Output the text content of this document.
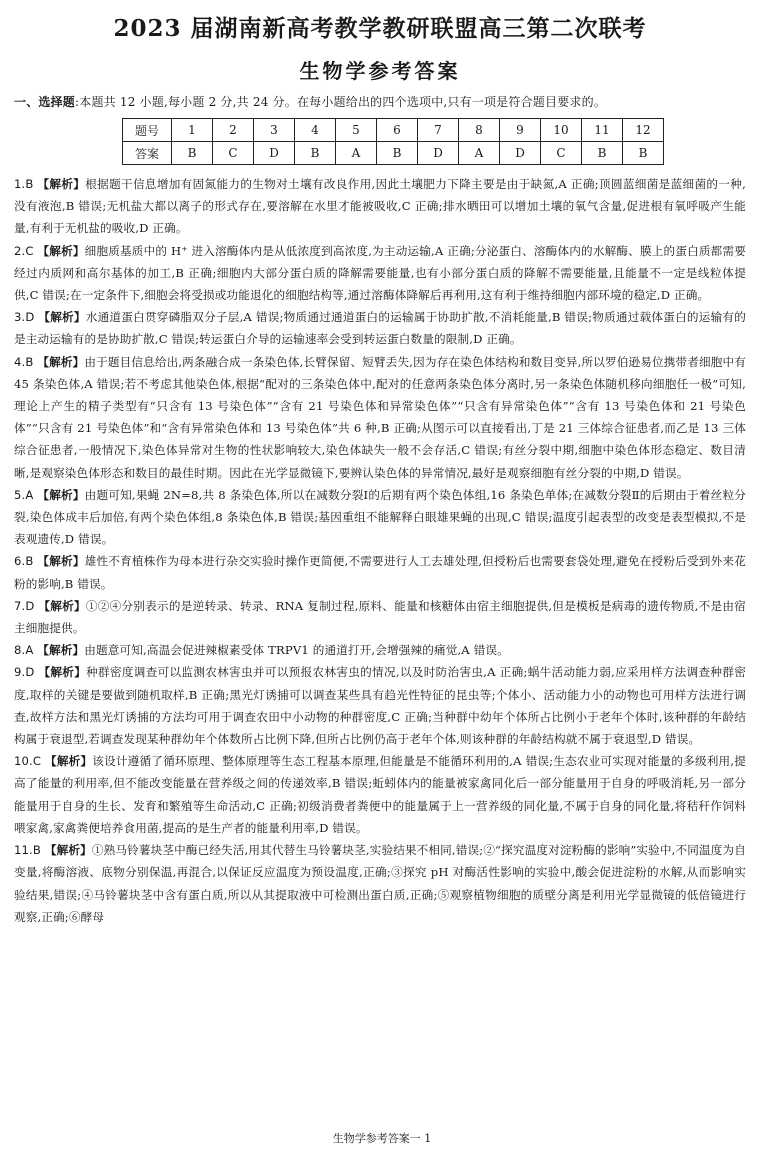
2023 届湖南新高考教学教研联盟高三第二次联考
生物学参考答案
一、选择题:本题共 12 小题,每小题 2 分,共 24 分。在每小题给出的四个选项中,只有一项是符合题目要求的。
题号	1	2	3	4	5	6	7	8	9	10	11	12
答案	B	C	D	B	A	B	D	A	D	C	B	B

1.B 【解析】根据题干信息增加有固氮能力的生物对土壤有改良作用,因此土壤肥力下降主要是由于缺氮,A 正确;顶圆蓝细菌是蓝细菌的一种,没有液泡,B 错误;无机盐大都以离子的形式存在,要溶解在水里才能被吸收,C 正确;排水晒田可以增加土壤的氧气含量,促进根有氧呼吸产生能量,有利于无机盐的吸收,D 正确。

2.C 【解析】细胞质基质中的 H⁺ 进入溶酶体内是从低浓度到高浓度,为主动运输,A 正确;分泌蛋白、溶酶体内的水解酶、膜上的蛋白质都需要经过内质网和高尔基体的加工,B 正确;细胞内大部分蛋白质的降解需要能量,也有小部分蛋白质的降解不需要能量,且能量不一定是线粒体提供,C 错误;在一定条件下,细胞会将受损或功能退化的细胞结构等,通过溶酶体降解后再利用,这有利于维持细胞内部环境的稳定,D 正确。

3.D 【解析】水通道蛋白贯穿磷脂双分子层,A 错误;物质通过通道蛋白的运输属于协助扩散,不消耗能量,B 错误;物质通过载体蛋白的运输有的是主动运输有的是协助扩散,C 错误;转运蛋白介导的运输速率会受到转运蛋白数量的限制,D 正确。

4.B 【解析】由于题目信息给出,两条融合成一条染色体,长臂保留、短臂丢失,因为存在染色体结构和数目变异,所以罗伯逊易位携带者细胞中有 45 条染色体,A 错误;若不考虑其他染色体,根据“配对的三条染色体中,配对的任意两条染色体分离时,另一条染色体随机移向细胞任一极”可知,理论上产生的精子类型有“只含有 13 号染色体”“含有 21 号染色体和异常染色体”“只含有异常染色体”“含有 13 号染色体和 21 号染色体”“只含有 21 号染色体”和“含有异常染色体和 13 号染色体”共 6 种,B 正确;从图示可以直接看出,丁是 21 三体综合征患者,而乙是 13 三体综合征患者,一般情况下,染色体异常对生物的性状影响较大,染色体缺失一般不会存活,C 错误;有丝分裂中期,细胞中染色体形态稳定、数目清晰,是观察染色体形态和数目的最佳时期。因此在光学显微镜下,要辨认染色体的异常情况,最好是观察细胞有丝分裂的中期,D 错误。

5.A 【解析】由题可知,果蝇 2N=8,共 8 条染色体,所以在减数分裂Ⅰ的后期有两个染色体组,16 条染色单体;在减数分裂Ⅱ的后期由于着丝粒分裂,染色体成丰后加倍,有两个染色体组,8 条染色体,B 错误;基因重组不能解释白眼雄果蝇的出现,C 错误;温度引起表型的改变是表型模拟,不是表观遗传,D 错误。

6.B 【解析】雄性不育植株作为母本进行杂交实验时操作更简便,不需要进行人工去雄处理,但授粉后也需要套袋处理,避免在授粉后受到外来花粉的影响,B 错误。

7.D 【解析】①②④分别表示的是逆转录、转录、RNA 复制过程,原料、能量和核糖体由宿主细胞提供,但是模板是病毒的遗传物质,不是由宿主细胞提供。

8.A 【解析】由题意可知,高温会促进辣椒素受体 TRPV1 的通道打开,会增强辣的痛觉,A 错误。

9.D 【解析】种群密度调查可以监测农林害虫并可以预报农林害虫的情况,以及时防治害虫,A 正确;蜗牛活动能力弱,应采用样方法调查种群密度,取样的关键是要做到随机取样,B 正确;黑光灯诱捕可以调查某些具有趋光性特征的昆虫等;个体小、活动能力小的动物也可用样方法进行调查,故样方法和黑光灯诱捕的方法均可用于调查农田中小动物的种群密度,C 正确;当种群中幼年个体所占比例小于老年个体时,该种群的年龄结构属于衰退型,若调查发现某种群幼年个体数所占比例下降,但所占比例仍高于老年个体,则该种群的年龄结构就不属于衰退型,D 错误。

10.C 【解析】该设计遵循了循环原理、整体原理等生态工程基本原理,但能量是不能循环利用的,A 错误;生态农业可实现对能量的多级利用,提高了能量的利用率,但不能改变能量在营养级之间的传递效率,B 错误;蚯蚓体内的能量被家禽同化后一部分能量用于自身的呼吸消耗,另一部分能量用于自身的生长、发育和繁殖等生命活动,C 正确;初级消费者粪便中的能量属于上一营养级的同化量,不属于自身的同化量,将秸秆作饲料喂家禽,家禽粪便培养食用菌,提高的是生产者的能量利用率,D 错误。

11.B 【解析】①熟马铃薯块茎中酶已经失活,用其代替生马铃薯块茎,实验结果不相同,错误;②“探究温度对淀粉酶的影响”实验中,不同温度为自变量,将酶溶液、底物分别保温,再混合,以保证反应温度为预设温度,正确;③探究 pH 对酶活性影响的实验中,酸会促进淀粉的水解,从而影响实验结果,错误;④马铃薯块茎中含有蛋白质,所以从其提取液中可检测出蛋白质,正确;⑤观察植物细胞的质壁分离是利用光学显微镜的低倍镜进行观察,正确;⑥酵母

生物学参考答案一 1
